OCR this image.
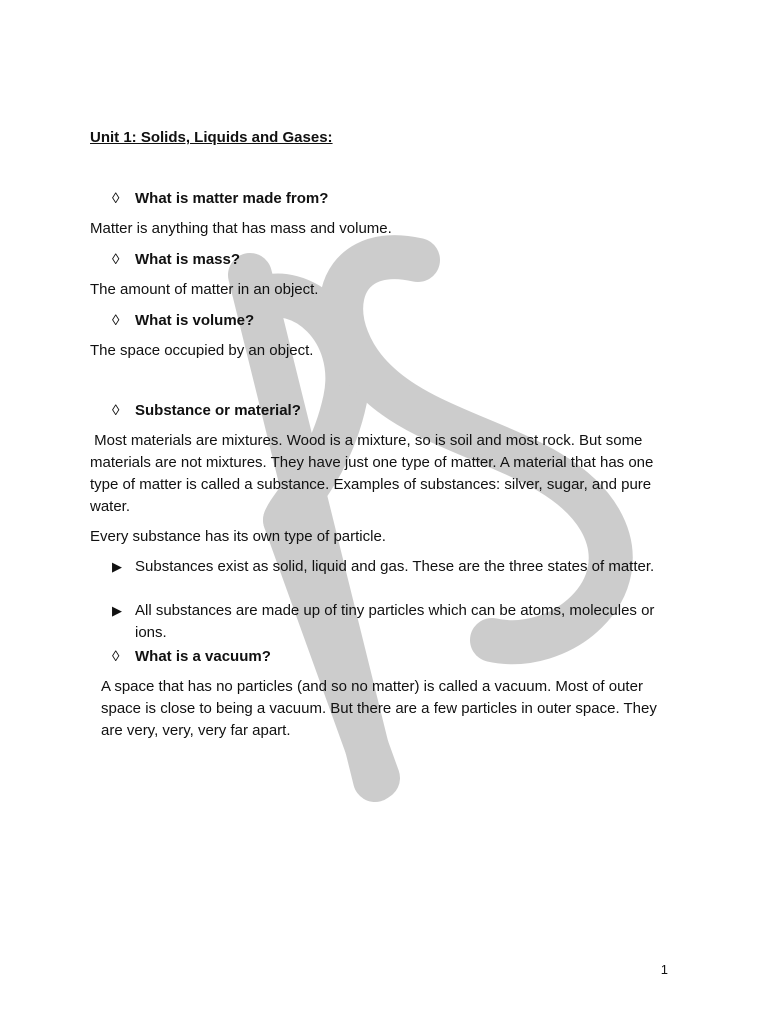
Unit 1: Solids, Liquids and Gases:

◊ What is matter made from?

Matter is anything that has mass and volume.

◊ What is mass?

The amount of matter in an object.

◊ What is volume?

The space occupied by an object.

◊ Substance or material?

Most materials are mixtures. Wood is a mixture, so is soil and most rock. But some materials are not mixtures. They have just one type of matter. A material that has one type of matter is called a substance. Examples of substances: silver, sugar, and pure water.

Every substance has its own type of particle.

▶ Substances exist as solid, liquid and gas. These are the three states of matter.
▶ All substances are made up of tiny particles which can be atoms, molecules or ions.

◊ What is a vacuum?

A space that has no particles (and so no matter) is called a vacuum. Most of outer space is close to being a vacuum. But there are a few particles in outer space. They are very, very, very far apart.

1
